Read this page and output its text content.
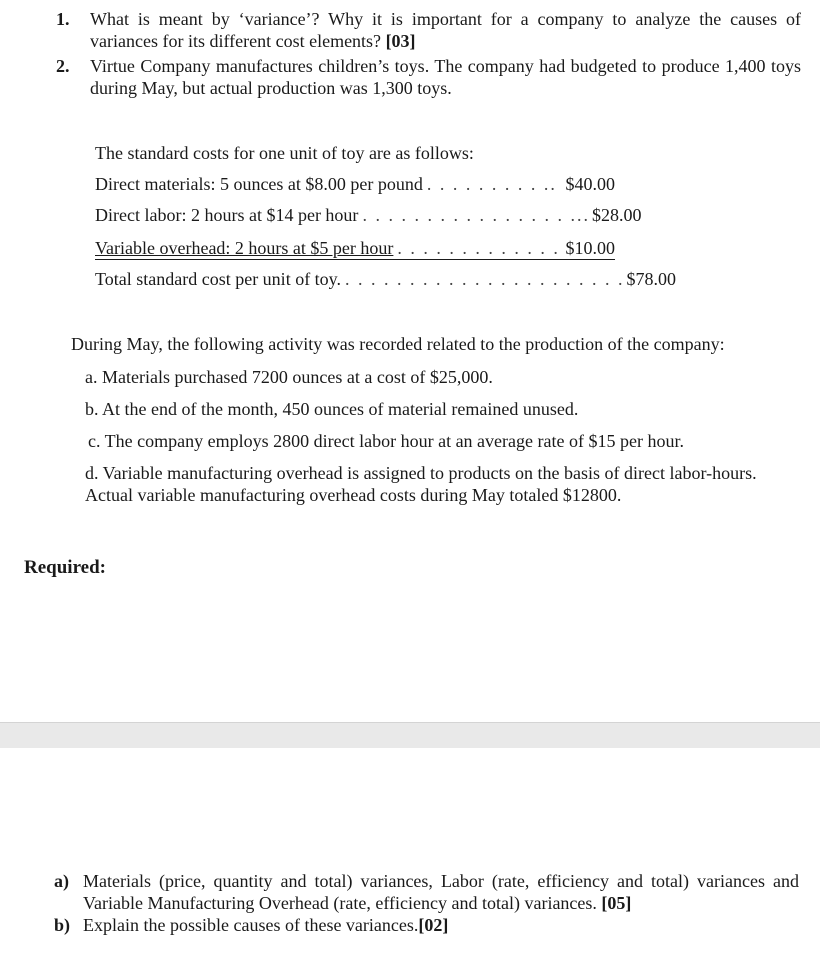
1. What is meant by ‘variance’? Why it is important for a company to analyze the causes of variances for its different cost elements? [03]
2. Virtue Company manufactures children’s toys. The company had budgeted to produce 1,400 toys during May, but actual production was 1,300 toys.
The standard costs for one unit of toy are as follows:
Direct materials: 5 ounces at $8.00 per pound . . . . . . . . . .. $40.00
Direct labor: 2 hours at $14 per hour . . . . . . . . . . . . . . . . ... $28.00
Variable overhead: 2 hours at $5 per hour . . . . . . . . . . . . . $10.00
Total standard cost per unit of toy. . . . . . . . . . . . . . . . . . . . . . . $78.00
During May, the following activity was recorded related to the production of the company:
a. Materials purchased 7200 ounces at a cost of $25,000.
b. At the end of the month, 450 ounces of material remained unused.
c. The company employs 2800 direct labor hour at an average rate of $15 per hour.
d. Variable manufacturing overhead is assigned to products on the basis of direct labor-hours. Actual variable manufacturing overhead costs during May totaled $12800.
Required:
a) Materials (price, quantity and total) variances, Labor (rate, efficiency and total) variances and Variable Manufacturing Overhead (rate, efficiency and total) variances. [05]
b) Explain the possible causes of these variances.[02]
